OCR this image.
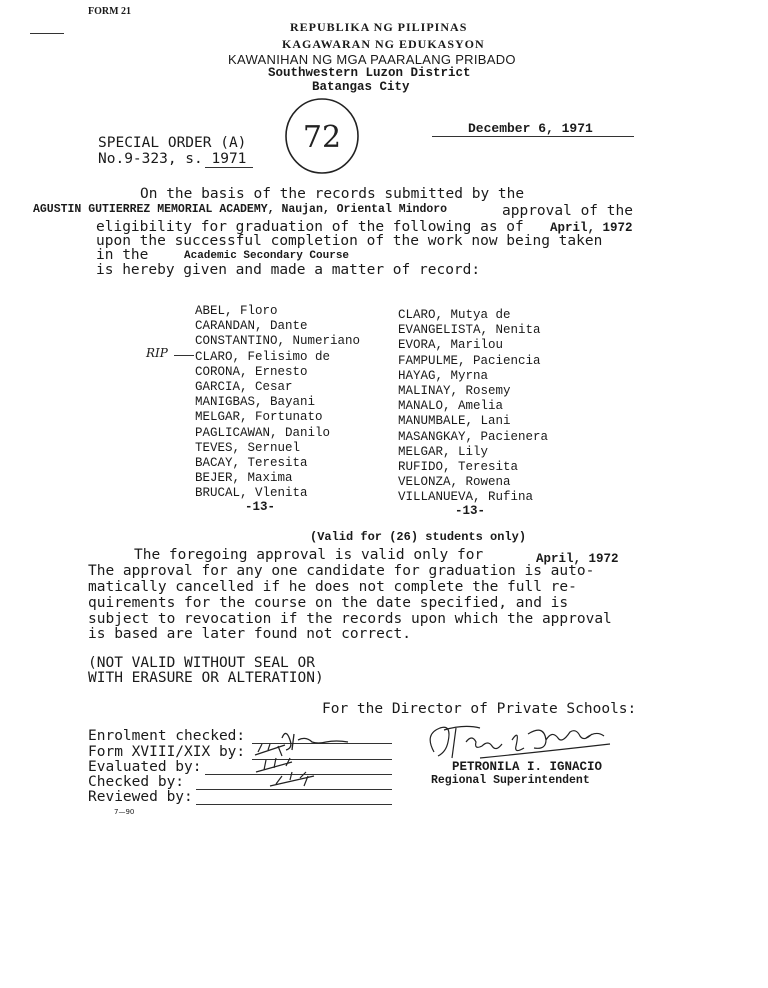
FORM 21
REPUBLIKA NG PILIPINAS
KAGAWARAN NG EDUKASYON
KAWANIHAN NG MGA PAARALANG PRIBADO
Southwestern Luzon District
Batangas City
72	December 6, 1971
SPECIAL ORDER (A)
No.9-323, s. 1971
On the basis of the records submitted by the
AGUSTIN GUTIERREZ MEMORIAL ACADEMY, Naujan, Oriental Mindoro	approval of the
eligibility for graduation of the following as of April, 1972
upon the successful completion of the work now being taken
in the	Academic Secondary Course
is hereby given and made a matter of record:
RIP
ABEL, Floro
CARANDAN, Dante
CONSTANTINO, Numeriano
CLARO, Felisimo de
CORONA, Ernesto
GARCIA, Cesar
MANIGBAS, Bayani
MELGAR, Fortunato
PAGLICAWAN, Danilo
TEVES, Sernuel
BACAY, Teresita
BEJER, Maxima
BRUCAL, Vlenita
CLARO, Mutya de
EVANGELISTA, Nenita
EVORA, Marilou
FAMPULME, Paciencia
HAYAG, Myrna
MALINAY, Rosemy
MANALO, Amelia
MANUMBALE, Lani
MASANGKAY, Pacienera
MELGAR, Lily
RUFIDO, Teresita
VELONZA, Rowena
VILLANUEVA, Rufina
-13-	-13-
(Valid for (26) students only)
The foregoing approval is valid only for	April, 1972
The approval for any one candidate for graduation is auto-
matically cancelled if he does not complete the full re-
quirements for the course on the date specified, and is
subject to revocation if the records upon which the approval
is based are later found not correct.
(NOT VALID WITHOUT SEAL OR
WITH ERASURE OR ALTERATION)
For the Director of Private Schools:
Enrolment checked:
Form XVIII/XIX by:
Evaluated by:
Checked by:
Reviewed by:
PETRONILA I. IGNACIO
Regional Superintendent
7—90
